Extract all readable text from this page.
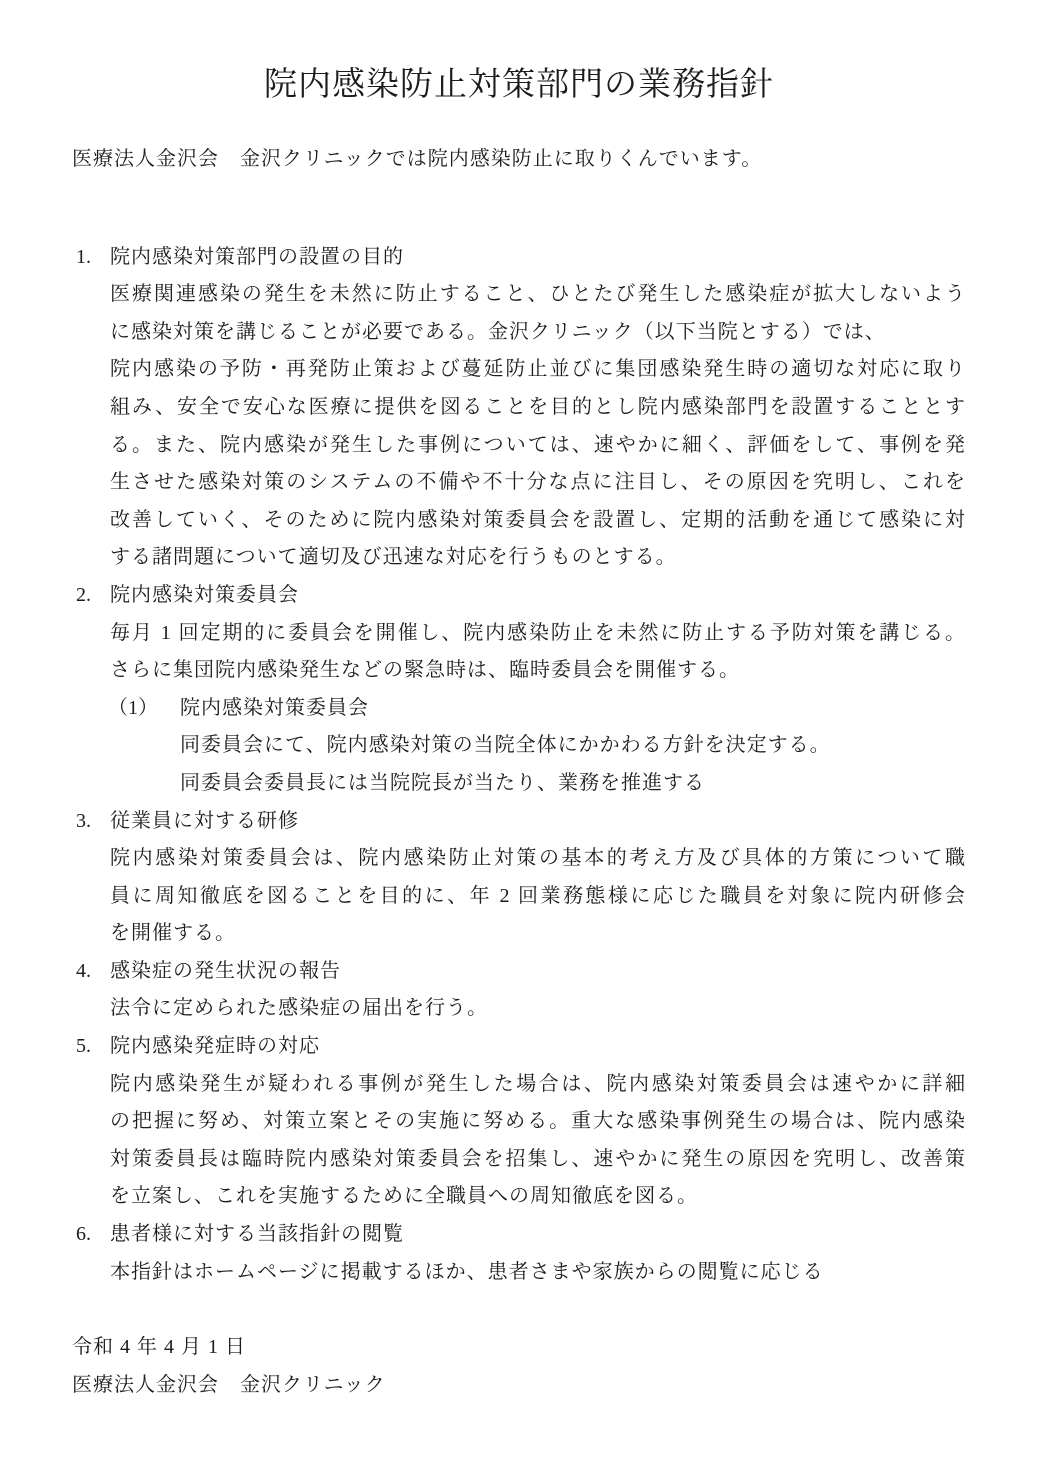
院内感染防止対策部門の業務指針

医療法人金沢会　金沢クリニックでは院内感染防止に取りくんでいます。

1. 院内感染対策部門の設置の目的
医療関連感染の発生を未然に防止すること、ひとたび発生した感染症が拡大しないよう
に感染対策を講じることが必要である。金沢クリニック（以下当院とする）では、
院内感染の予防・再発防止策および蔓延防止並びに集団感染発生時の適切な対応に取り
組み、安全で安心な医療に提供を図ることを目的とし院内感染部門を設置することとす
る。また、院内感染が発生した事例については、速やかに細く、評価をして、事例を発
生させた感染対策のシステムの不備や不十分な点に注目し、その原因を究明し、これを
改善していく、そのために院内感染対策委員会を設置し、定期的活動を通じて感染に対
する諸問題について適切及び迅速な対応を行うものとする。
2. 院内感染対策委員会
毎月 1 回定期的に委員会を開催し、院内感染防止を未然に防止する予防対策を講じる。
さらに集団院内感染発生などの緊急時は、臨時委員会を開催する。
（1）	院内感染対策委員会
同委員会にて、院内感染対策の当院全体にかかわる方針を決定する。
同委員会委員長には当院院長が当たり、業務を推進する
3. 従業員に対する研修
院内感染対策委員会は、院内感染防止対策の基本的考え方及び具体的方策について職
員に周知徹底を図ることを目的に、年 2 回業務態様に応じた職員を対象に院内研修会
を開催する。
4. 感染症の発生状況の報告
法令に定められた感染症の届出を行う。
5. 院内感染発症時の対応
院内感染発生が疑われる事例が発生した場合は、院内感染対策委員会は速やかに詳細
の把握に努め、対策立案とその実施に努める。重大な感染事例発生の場合は、院内感染
対策委員長は臨時院内感染対策委員会を招集し、速やかに発生の原因を究明し、改善策
を立案し、これを実施するために全職員への周知徹底を図る。
6. 患者様に対する当該指針の閲覧
本指針はホームページに掲載するほか、患者さまや家族からの閲覧に応じる

令和 4 年 4 月 1 日

医療法人金沢会　金沢クリニック
